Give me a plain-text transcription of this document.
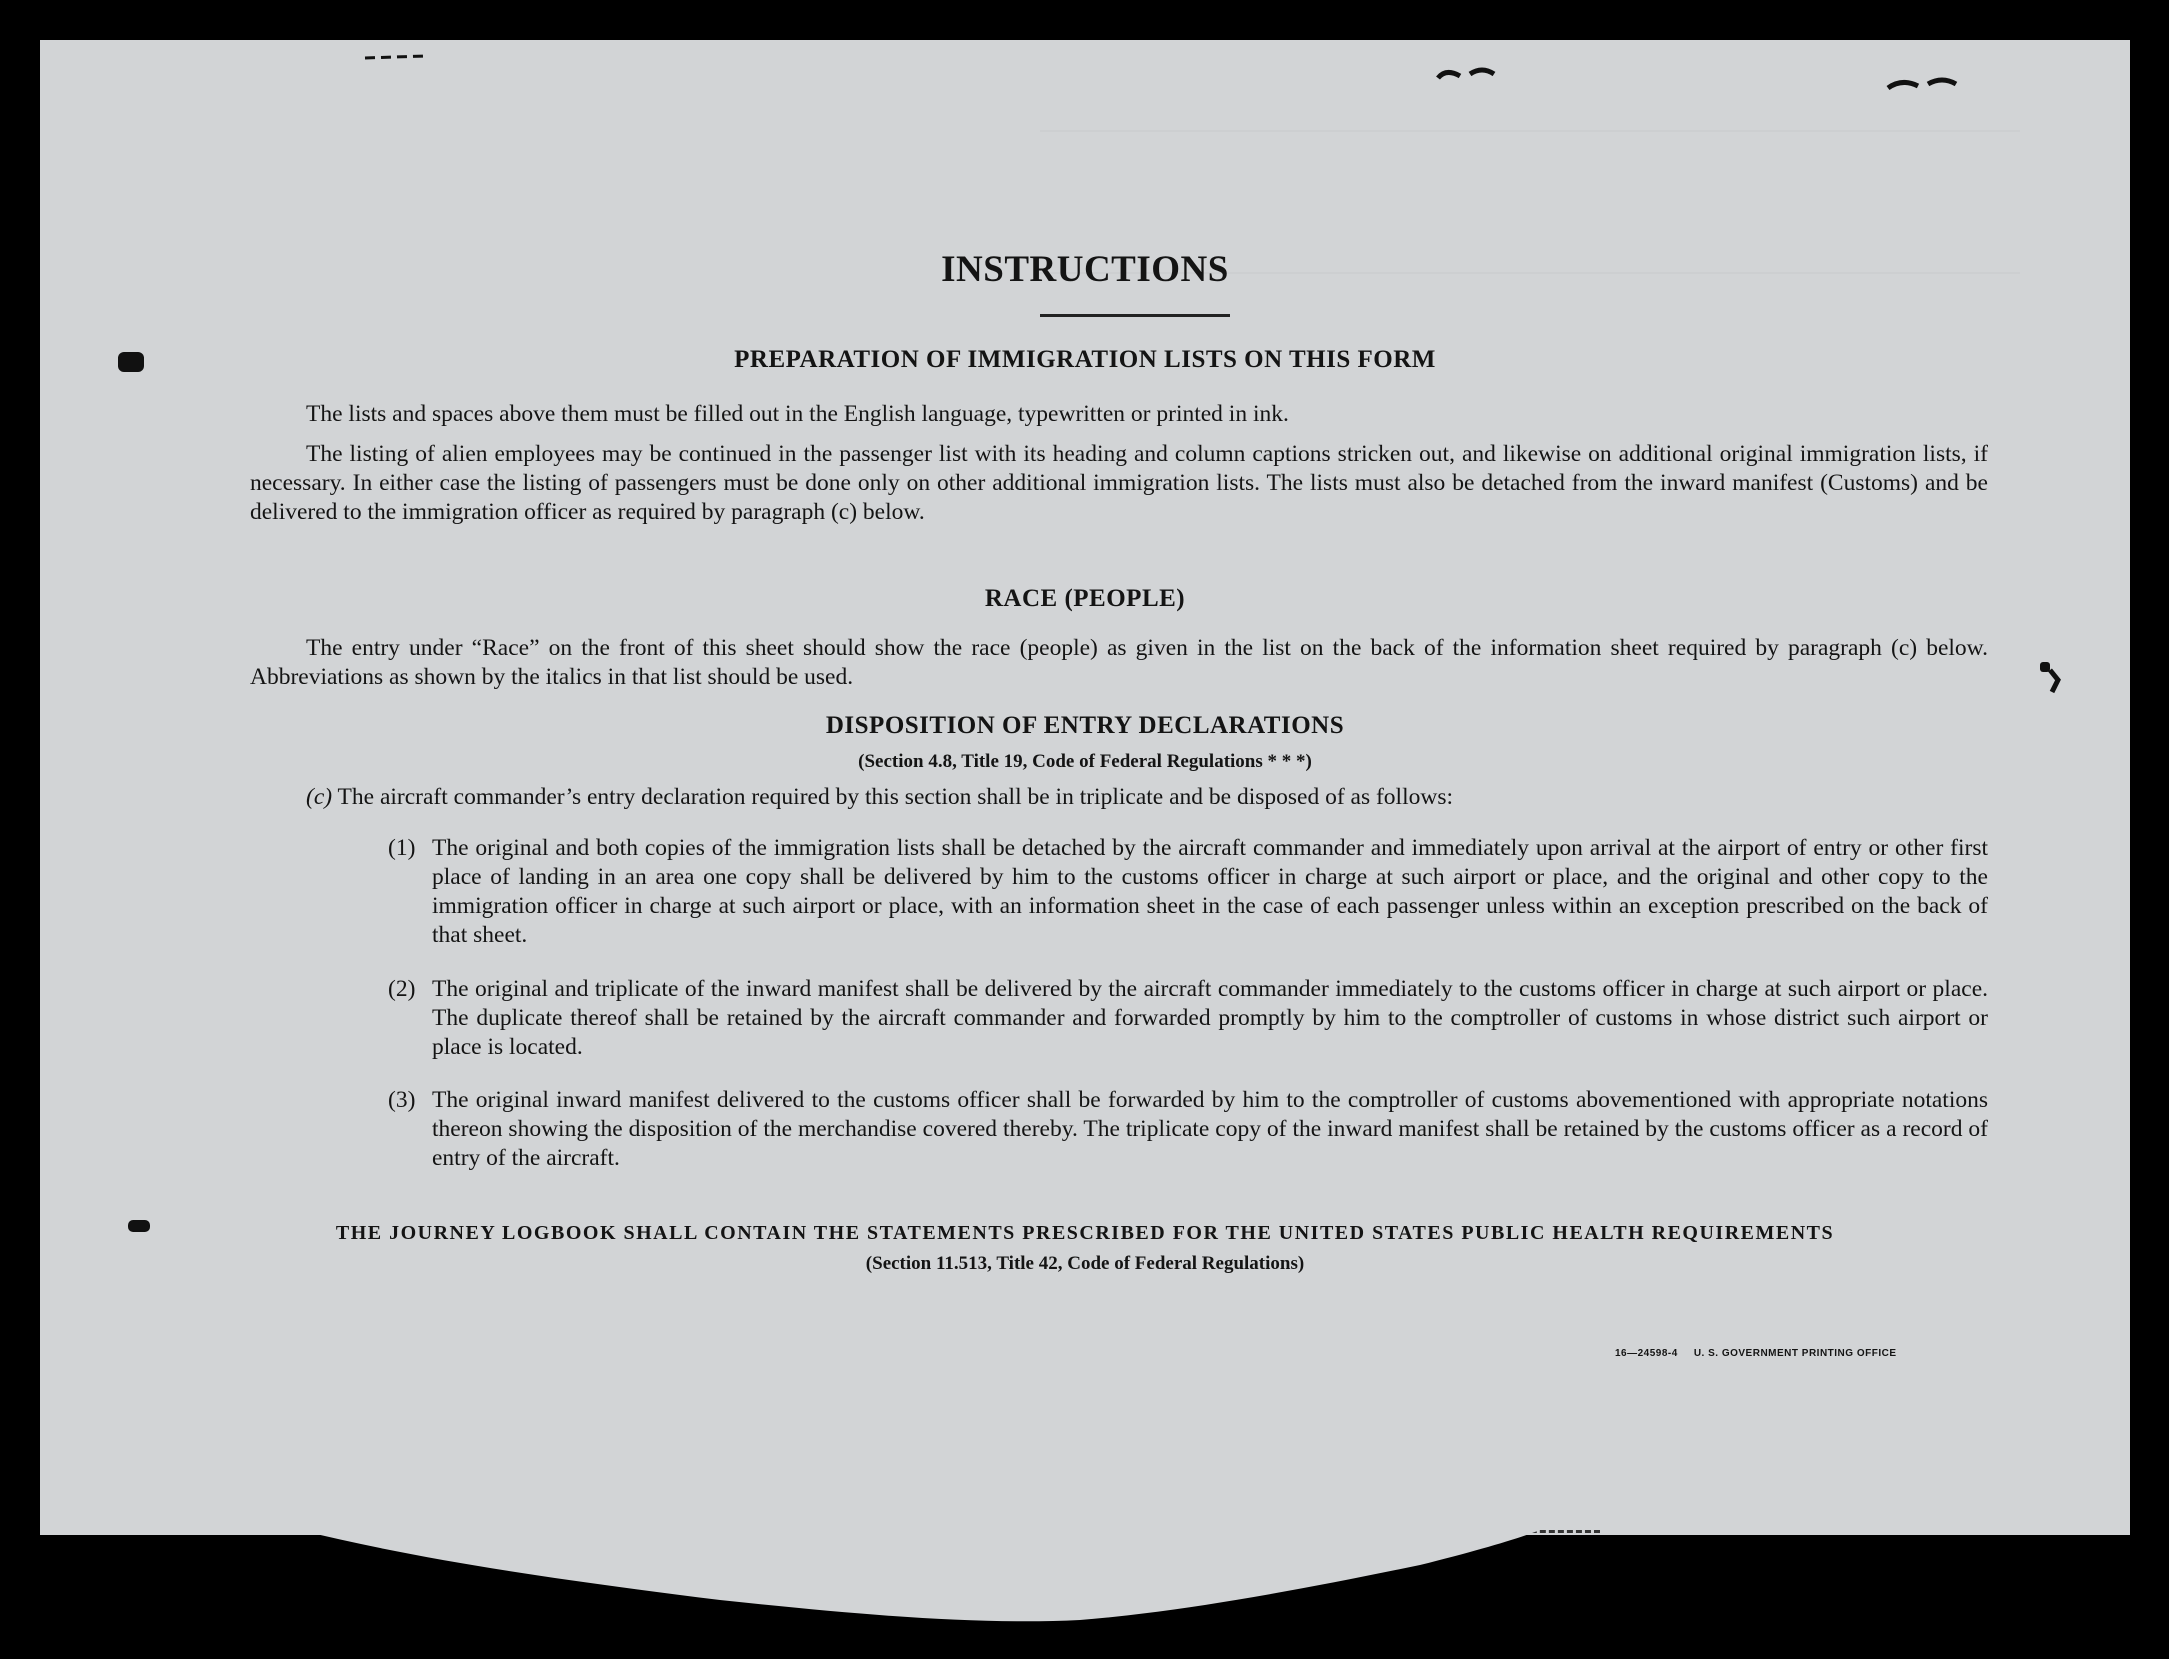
INSTRUCTIONS
PREPARATION OF IMMIGRATION LISTS ON THIS FORM

The lists and spaces above them must be filled out in the English language, typewritten or printed in ink.

The listing of alien employees may be continued in the passenger list with its heading and column captions stricken out, and likewise on additional original immigration lists, if necessary. In either case the listing of passengers must be done only on other additional immigration lists. The lists must also be detached from the inward manifest (Customs) and be delivered to the immigration officer as required by paragraph (c) below.

RACE (PEOPLE)

The entry under “Race” on the front of this sheet should show the race (people) as given in the list on the back of the information sheet required by paragraph (c) below. Abbreviations as shown by the italics in that list should be used.

DISPOSITION OF ENTRY DECLARATIONS
(Section 4.8, Title 19, Code of Federal Regulations * * *)

(c) The aircraft commander’s entry declaration required by this section shall be in triplicate and be disposed of as follows:

(1) The original and both copies of the immigration lists shall be detached by the aircraft commander and immediately upon arrival at the airport of entry or other first place of landing in an area one copy shall be delivered by him to the customs officer in charge at such airport or place, and the original and other copy to the immigration officer in charge at such airport or place, with an information sheet in the case of each passenger unless within an exception prescribed on the back of that sheet.
(2) The original and triplicate of the inward manifest shall be delivered by the aircraft commander immediately to the customs officer in charge at such airport or place. The duplicate thereof shall be retained by the aircraft commander and forwarded promptly by him to the comptroller of customs in whose district such airport or place is located.
(3) The original inward manifest delivered to the customs officer shall be forwarded by him to the comptroller of customs abovementioned with appropriate notations thereon showing the disposition of the merchandise covered thereby. The triplicate copy of the inward manifest shall be retained by the customs officer as a record of entry of the aircraft.
THE JOURNEY LOGBOOK SHALL CONTAIN THE STATEMENTS PRESCRIBED FOR THE UNITED STATES PUBLIC HEALTH REQUIREMENTS
(Section 11.513, Title 42, Code of Federal Regulations)
16—24598-4 U. S. GOVERNMENT PRINTING OFFICE
